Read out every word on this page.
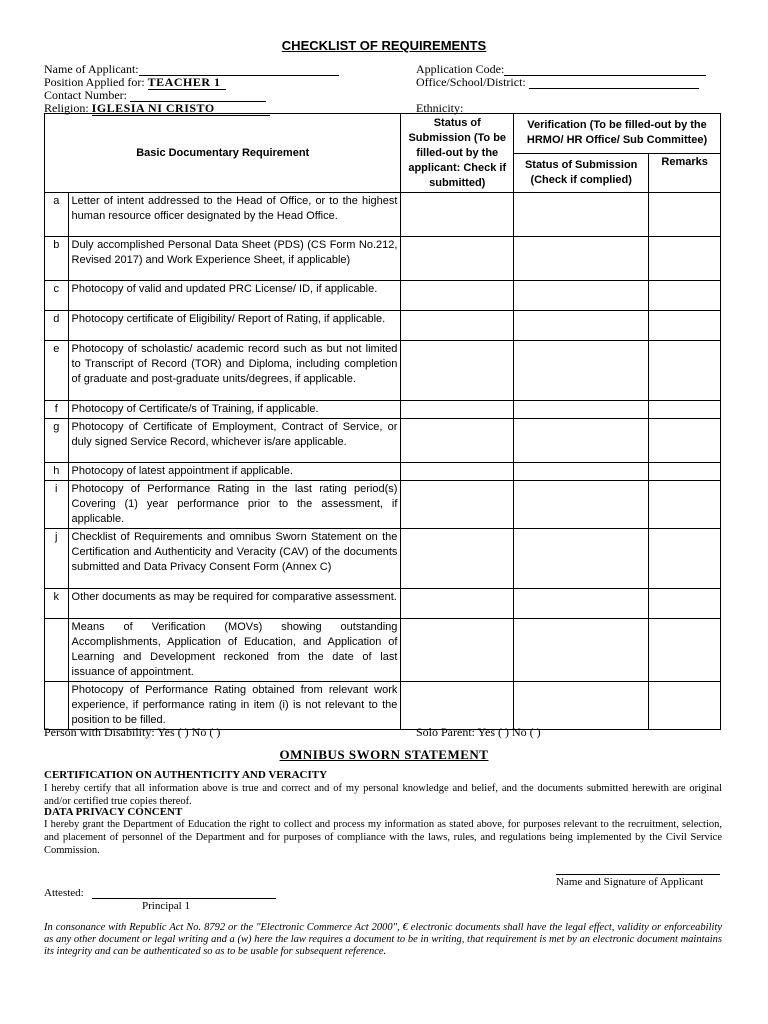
CHECKLIST OF REQUIREMENTS
Name of Applicant:
Position Applied for: TEACHER 1
Contact Number:
Religion: IGLESIA NI CRISTO
Application Code:
Office/School/District:
Ethnicity:
Basic Documentary Requirement		Status of Submission (To be filled-out by the applicant: Check if submitted)	Verification (To be filled-out by the HRMO/ HR Office/ Sub Committee)	
			Status of Submission (Check if complied)	Remarks
a	Letter of intent addressed to the Head of Office, or to the highest human resource officer designated by the Head Office.			
b	Duly accomplished Personal Data Sheet (PDS) (CS Form No.212, Revised 2017) and Work Experience Sheet, if applicable)			
c	Photocopy of valid and updated PRC License/ ID, if applicable.			
d	Photocopy certificate of Eligibility/ Report of Rating, if applicable.			
e	Photocopy of scholastic/ academic record such as but not limited to Transcript of Record (TOR) and Diploma, including completion of graduate and post-graduate units/degrees, if applicable.			
f	Photocopy of Certificate/s of Training, if applicable.			
g	Photocopy of Certificate of Employment, Contract of Service, or duly signed Service Record, whichever is/are applicable.			
h	Photocopy of latest appointment if applicable.			
i	Photocopy of Performance Rating in the last rating period(s) Covering (1) year performance prior to the assessment, if applicable.			
j	Checklist of Requirements and omnibus Sworn Statement on the Certification and Authenticity and Veracity (CAV) of the documents submitted and Data Privacy Consent Form (Annex C)			
k	Other documents as may be required for comparative assessment.			
	Means of Verification (MOVs) showing outstanding Accomplishments, Application of Education, and Application of Learning and Development reckoned from the date of last issuance of appointment.			
	Photocopy of Performance Rating obtained from relevant work experience, if performance rating in item (i) is not relevant to the position to be filled.			
Person with Disability: Yes ( ) No ( )	Solo Parent: Yes ( ) No ( )
OMNIBUS SWORN STATEMENT
CERTIFICATION ON AUTHENTICITY AND VERACITY
I hereby certify that all information above is true and correct and of my personal knowledge and belief, and the documents submitted herewith are original and/or certified true copies thereof.
DATA PRIVACY CONCENT
I hereby grant the Department of Education the right to collect and process my information as stated above, for purposes relevant to the recruitment, selection, and placement of personnel of the Department and for purposes of compliance with the laws, rules, and regulations being implemented by the Civil Service Commission.
Name and Signature of Applicant
Attested:
Principal 1
In consonance with Republic Act No. 8792 or the "Electronic Commerce Act 2000", € electronic documents shall have the legal effect, validity or enforceability as any other document or legal writing and a (w) here the law requires a document to be in writing, that requirement is met by an electronic document maintains its integrity and can be authenticated so as to be usable for subsequent reference.
